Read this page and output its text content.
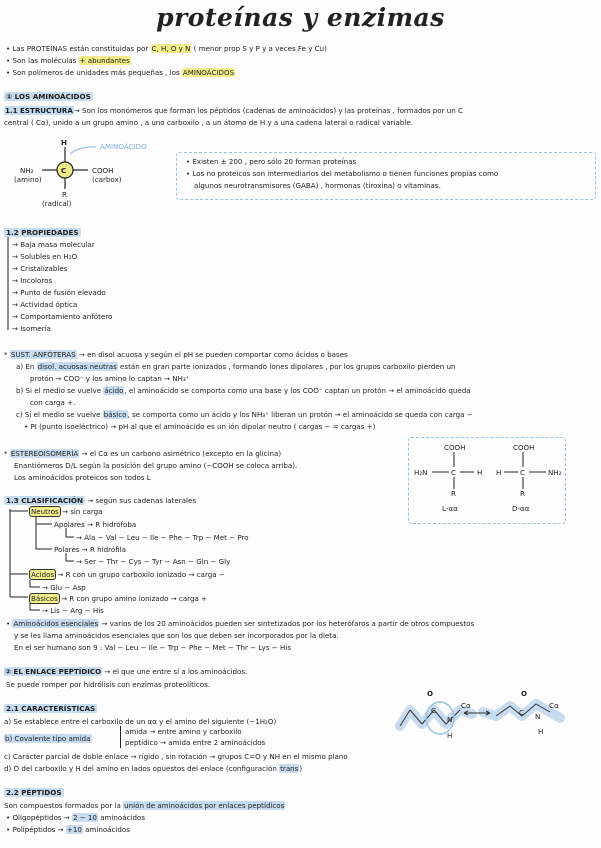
proteínas y enzimas
• Las PROTEÍNAS están constituidas por C, H, O y N ( menor prop S y P y a veces Fe y Cu)
• Son las moléculas + abundantes
• Son polímeros de unidades más pequeñas , los AMINOÁCIDOS
① LOS AMINOÁCIDOS
1.1 ESTRUCTURA→ Son los monómeros que forman los péptidos (cadenas de aminoácidos) y las proteínas , formados por un C
central ( Cα), unido a un grupo amino , a uno carboxilo , a un átomo de H y a una cadena lateral o radical variable.
H
C
NH₂
(amino)
COOH
(carbox)
R
(radical)
AMINOÁCIDO
• Existen ± 200 , pero sólo 20 forman proteínas
• Los no proteicos son intermediarios del metabolismo o tienen funciones propias como
algunos neurotransmisores (GABA) , hormonas (tiroxina) o vitaminas.
1.2 PROPIEDADES
→ Baja masa molecular
→ Solubles en H₂O
→ Cristalizables
→ Incoloros
→ Punto de fusión elevado
→ Actividad óptica
→ Comportamiento anfótero
→ Isomería
* SUST. ANFÓTERAS → en disol acuosa y según el pH se pueden comportar como ácidos o bases
a) En disol. acuosas neutras están en gran parte ionizados , formando iones dipolares , por los grupos carboxilo pierden un
protón → COO⁻ y los amino lo captan → NH₃⁺
b) Si el medio se vuelve ácido, el aminoácido se comporta como una base y los COO⁻ captan un protón → el aminoácido queda
con carga +.
c) Si el medio se vuelve básico, se comporta como un ácido y los NH₃⁺ liberan un protón → el aminoácido se queda con carga −
• PI (punto isoeléctrico) → pH al que el aminoácido es un ión dipolar neutro ( cargas − = cargas +)
* ESTEREOISOMERÍA → el Cα es un carbono asimétrico (excepto en la glicina)
Enantiómeros D/L según la posición del grupo amino (−COOH se coloca arriba).
Los aminoácidos proteicos son todos L
COOH
H₂N	C	H
R
L-αα
COOH
H	C	NH₂
R
D-αα
1.3 CLASIFICACIÓN → según sus cadenas laterales
Neutros → sin carga
Apolares → R hidrófoba
→ Ala − Val − Leu − Ile − Phe − Trp − Met − Pro
Polares → R hidrófila
→ Ser − Thr − Cys − Tyr − Asn − Gln − Gly
Ácidos → R con un grupo carboxilo ionizado → carga −
→ Glu − Asp
Básicos → R con grupo amino ionizado → carga +
→ Lis − Arg − His
• Aminoácidos esenciales → varios de los 20 aminoácidos pueden ser sintetizados por los heterófaros a partir de otros compuestos
y se les llama aminoácidos esenciales que son los que deben ser incorporados por la dieta.
En el ser humano son 9 : Val − Leu − Ile − Trp − Phe − Met − Thr − Lys − His
② EL ENLACE PEPTÍDICO → el que une entre sí a los aminoácidos.
Se puede romper por hidrólisis con enzimas proteolíticos.
2.1 CARACTERÍSTICAS
a) Se establece entre el carboxilo de un αα y el amino del siguiente (−1H₂O)
b) Covalente tipo amida
amida → entre amino y carboxilo
peptídico → amida entre 2 aminoácidos
c) Carácter parcial de doble enlace → rígido , sin rotación → grupos C=O y NH en el mismo plano
d) O del carboxilo y H del amino en lados opuestos del enlace (configuración trans)
O
C
N
H
Cα
O
C N
H
Cα
2.2 PÉPTIDOS
Son compuestos formados por la unión de aminoácidos por enlaces peptídicos
• Oligopéptidos → 2 − 10 aminoácidos
• Polipéptidos → +10 aminoácidos
